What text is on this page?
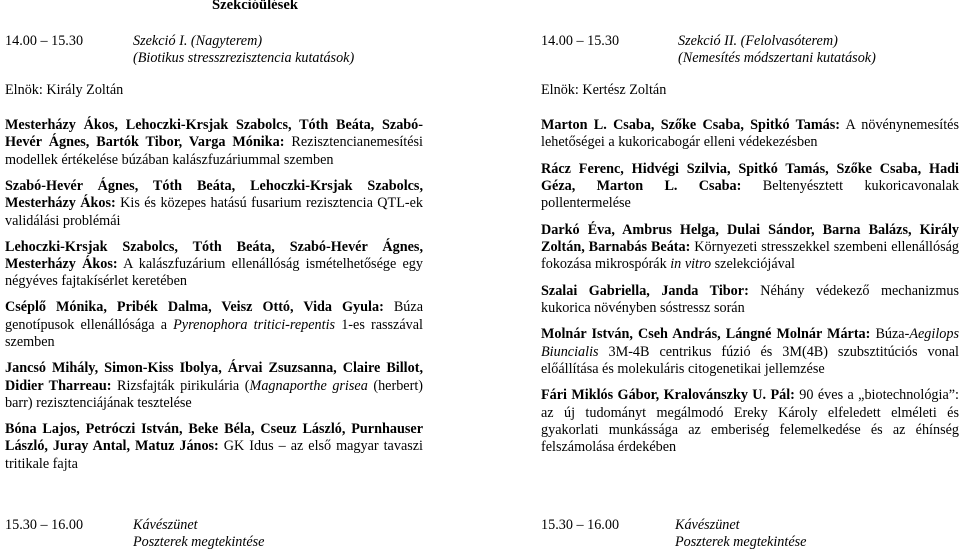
Szekcióülések
14.00 – 15.30	Szekció I. (Nagyterem)
(Biotikus stresszrezisztencia kutatások)
Elnök: Király Zoltán

Mesterházy Ákos, Lehoczki-Krsjak Szabolcs, Tóth Beáta, Szabó-Hevér Ágnes, Bartók Tibor, Varga Mónika: Rezisztencianemesítési modellek értékelése búzában kalászfuzáriummal szemben

Szabó-Hevér Ágnes, Tóth Beáta, Lehoczki-Krsjak Szabolcs, Mesterházy Ákos: Kis és közepes hatású fusarium rezisztencia QTL-ek validálási problémái

Lehoczki-Krsjak Szabolcs, Tóth Beáta, Szabó-Hevér Ágnes, Mesterházy Ákos: A kalászfuzárium ellenállóság ismételhetősége egy négyéves fajtakísérlet keretében

Cséplő Mónika, Pribék Dalma, Veisz Ottó, Vida Gyula: Búza genotípusok ellenállósága a Pyrenophora tritici-repentis 1-es rasszával szemben

Jancsó Mihály, Simon-Kiss Ibolya, Árvai Zsuzsanna, Claire Billot, Didier Tharreau: Rizsfajták pirikulária (Magnaporthe grisea (herbert) barr) rezisztenciájának tesztelése

Bóna Lajos, Petróczi István, Beke Béla, Cseuz László, Purnhauser László, Juray Antal, Matuz János: GK Idus – az első magyar tavaszi tritikale fajta

15.30 – 16.00	Kávészünet
Poszterek megtekintése
14.00 – 15.30	Szekció II. (Felolvasóterem)
(Nemesítés módszertani kutatások)
Elnök: Kertész Zoltán

Marton L. Csaba, Szőke Csaba, Spitkó Tamás: A növénynemesítés lehetőségei a kukoricabogár elleni védekezésben

Rácz Ferenc, Hidvégi Szilvia, Spitkó Tamás, Szőke Csaba, Hadi Géza, Marton L. Csaba: Beltenyésztett kukoricavonalak pollentermelése

Darkó Éva, Ambrus Helga, Dulai Sándor, Barna Balázs, Király Zoltán, Barnabás Beáta: Környezeti stresszekkel szembeni ellenállóság fokozása mikrospórák in vitro szelekciójával

Szalai Gabriella, Janda Tibor: Néhány védekező mechanizmus kukorica növényben sóstressz során

Molnár István, Cseh András, Lángné Molnár Márta: Búza-Aegilops Biuncialis 3M-4B centrikus fúzió és 3M(4B) szubsztitúciós vonal előállítása és molekuláris citogenetikai jellemzése

Fári Miklós Gábor, Kralovánszky U. Pál: 90 éves a „biotechnológia”: az új tudományt megálmodó Ereky Károly elfeledett elméleti és gyakorlati munkássága az emberiség felemelkedése és az éhínség felszámolása érdekében

15.30 – 16.00	Kávészünet
Poszterek megtekintése
